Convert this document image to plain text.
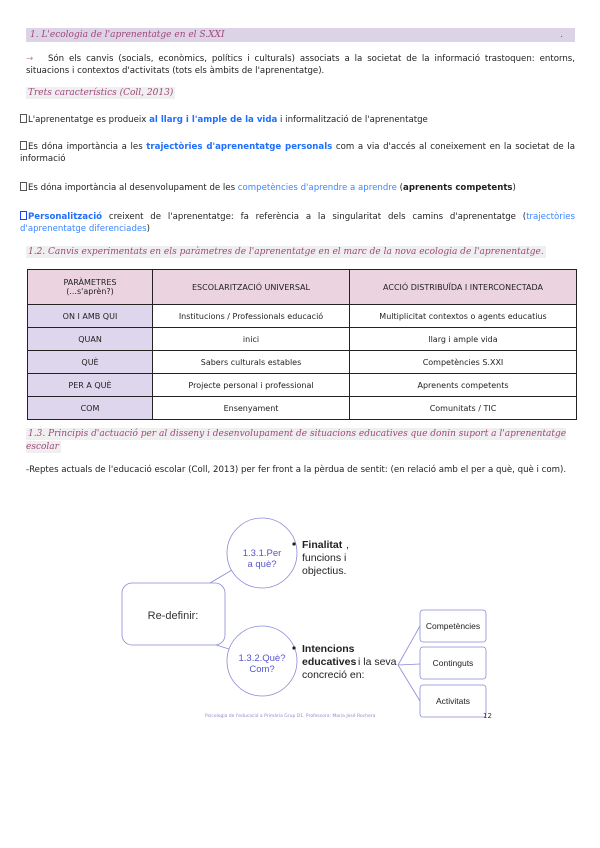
1. L'ecologia de l'aprenentatge en el S.XXI	.
→ Són els canvis (socials, econòmics, polítics i culturals) associats a la societat de la informació trastoquen: entorns, situacions i contextos d'activitats (tots els àmbits de l'aprenentatge).
Trets característics (Coll, 2013)
L'aprenentatge es produeix al llarg i l'ample de la vida i informalització de l'aprenentatge
Es dóna importància a les trajectòries d'aprenentatge personals com a via d'accés al coneixement en la societat de la informació
Es dóna importància al desenvolupament de les competències d'aprendre a aprendre (aprenents competents)
Personalització creixent de l'aprenentatge: fa referència a la singularitat dels camins d'aprenentatge (trajectòries d'aprenentatge diferenciades)
1.2. Canvis experimentats en els paràmetres de l'aprenentatge en el marc de la nova ecologia de l'aprenentatge.
PARÀMETRES
(...s'aprèn?)	ESCOLARITZACIÓ UNIVERSAL	ACCIÓ DISTRIBUÏDA I INTERCONECTADA
ON I AMB QUI	Institucions / Professionals educació	Multiplicitat contextos o agents educatius
QUAN	inici	llarg i ample vida
QUÈ	Sabers culturals estables	Competències S.XXI
PER A QUÈ	Projecte personal i professional	Aprenents competents
COM	Ensenyament	Comunitats / TIC
1.3. Principis d'actuació per al disseny i desenvolupament de situacions educatives que donin suport a l'aprenentatge escolar
-Reptes actuals de l'educació escolar (Coll, 2013) per fer front a la pèrdua de sentit: (en relació amb el per a què, què i com).
Re-definir:
1.3.1.Per
a què?
1.3.2.Què?
Com?
Finalitat ,
funcions i
objectius.
Intencions
educatives i la seva
concreció en:
Competències
Continguts
Activitats
Psicologia de l'educació a Primària Grup D1. Professora: Maria José Rochera	12
